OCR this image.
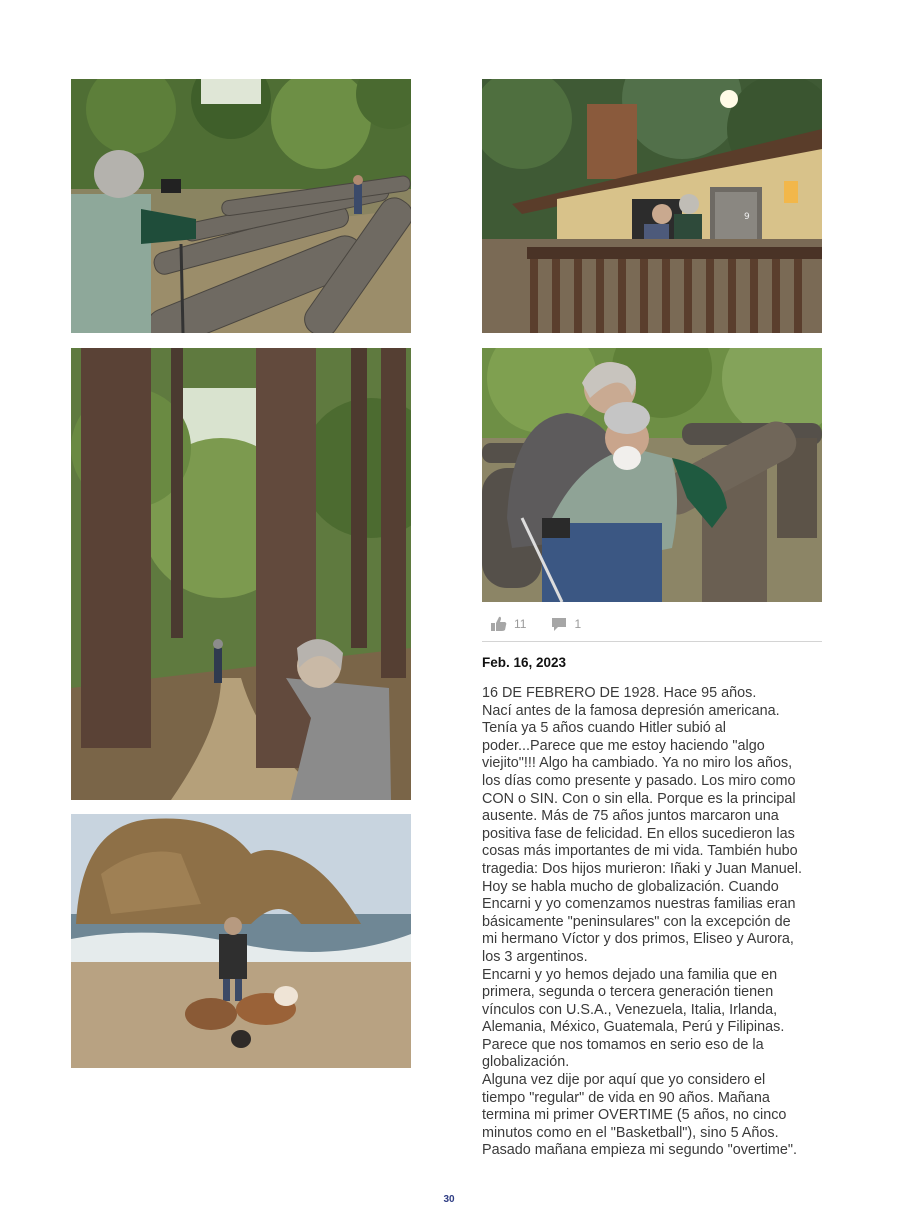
9
11	1
Feb. 16, 2023
16 DE FEBRERO DE 1928. Hace 95 años.
Nací antes de la famosa depresión americana.
Tenía ya 5 años cuando Hitler subió al
poder...Parece que me estoy haciendo "algo
viejito"!!! Algo ha cambiado. Ya no miro los años,
los días como presente y pasado. Los miro como
CON o SIN. Con o sin ella. Porque es la principal
ausente. Más de 75 años juntos marcaron una
positiva fase de felicidad. En ellos sucedieron las
cosas más importantes de mi vida. También hubo
tragedia: Dos hijos murieron: Iñaki y Juan Manuel.
Hoy se habla mucho de globalización. Cuando
Encarni y yo comenzamos nuestras familias eran
básicamente "peninsulares" con la excepción de
mi hermano Víctor y dos primos, Eliseo y Aurora,
los 3 argentinos.
Encarni y yo hemos dejado una familia que en
primera, segunda o tercera generación tienen
vínculos con U.S.A., Venezuela, Italia, Irlanda,
Alemania, México, Guatemala, Perú y Filipinas.
Parece que nos tomamos en serio eso de la
globalización.
Alguna vez dije por aquí que yo considero el
tiempo "regular" de vida en 90 años. Mañana
termina mi primer OVERTIME (5 años, no cinco
minutos como en el "Basketball"), sino 5 Años.
Pasado mañana empieza mi segundo "overtime".
30
